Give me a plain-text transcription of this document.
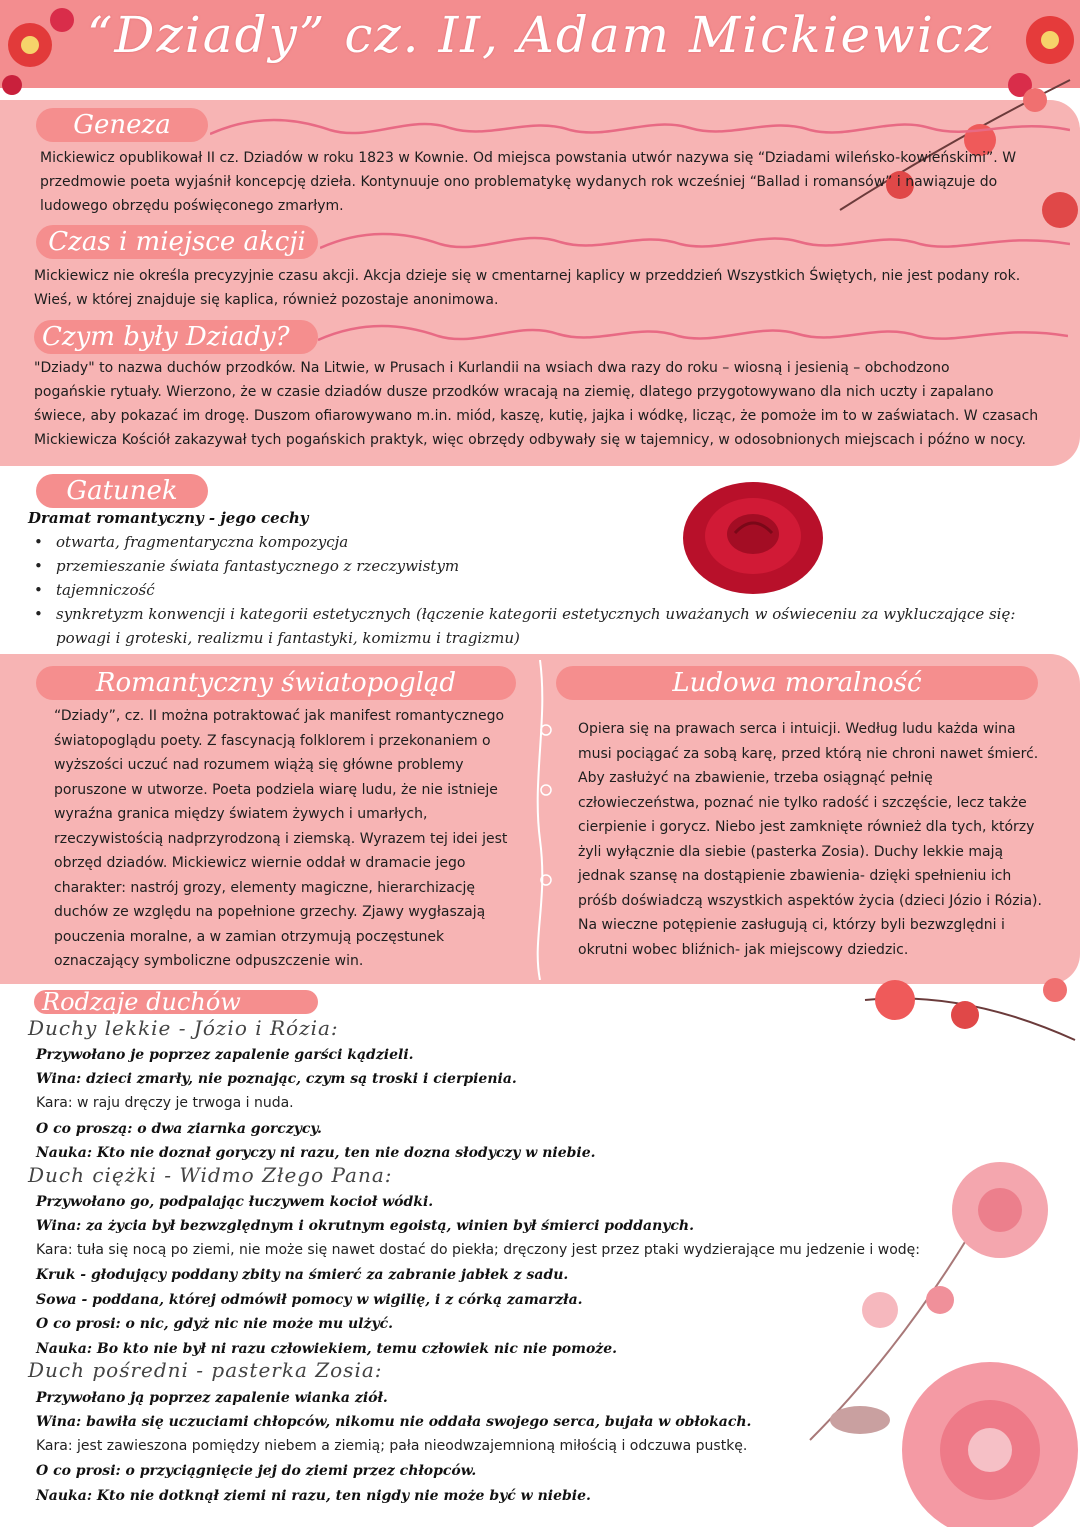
“Dziady” cz. II, Adam Mickiewicz
Geneza
Mickiewicz opublikował II cz. Dziadów w roku 1823 w Kownie. Od miejsca powstania utwór nazywa się “Dziadami wileńsko-kowieńskimi”. W
przedmowie poeta wyjaśnił koncepcję dzieła. Kontynuuje ono problematykę wydanych rok wcześniej “Ballad i romansów” i nawiązuje do
ludowego obrzędu poświęconego zmarłym.
Czas i miejsce akcji
Mickiewicz nie określa precyzyjnie czasu akcji. Akcja dzieje się w cmentarnej kaplicy w przeddzień Wszystkich Świętych, nie jest podany rok.
Wieś, w której znajduje się kaplica, również pozostaje anonimowa.
Czym były Dziady?
"Dziady" to nazwa duchów przodków. Na Litwie, w Prusach i Kurlandii na wsiach dwa razy do roku – wiosną i jesienią – obchodzono
pogańskie rytuały. Wierzono, że w czasie dziadów dusze przodków wracają na ziemię, dlatego przygotowywano dla nich uczty i zapalano
świece, aby pokazać im drogę. Duszom ofiarowywano m.in. miód, kaszę, kutię, jajka i wódkę, licząc, że pomoże im to w zaświatach. W czasach
Mickiewicza Kościół zakazywał tych pogańskich praktyk, więc obrzędy odbywały się w tajemnicy, w odosobnionych miejscach i późno w nocy.
Gatunek
Dramat romantyczny - jego cechy
• otwarta, fragmentaryczna kompozycja
• przemieszanie świata fantastycznego z rzeczywistym
• tajemniczość
• synkretyzm konwencji i kategorii estetycznych (łączenie kategorii estetycznych uważanych w oświeceniu za wykluczające się: powagi i groteski, realizmu i fantastyki, komizmu i tragizmu)
Romantyczny światopogląd	Ludowa moralność
“Dziady”, cz. II można potraktować jak manifest romantycznego
światopoglądu poety. Z fascynacją folklorem i przekonaniem o
wyższości uczuć nad rozumem wiążą się główne problemy
poruszone w utworze. Poeta podziela wiarę ludu, że nie istnieje
wyraźna granica między światem żywych i umarłych,
rzeczywistością nadprzyrodzoną i ziemską. Wyrazem tej idei jest
obrzęd dziadów. Mickiewicz wiernie oddał w dramacie jego
charakter: nastrój grozy, elementy magiczne, hierarchizację
duchów ze względu na popełnione grzechy. Zjawy wygłaszają
pouczenia moralne, a w zamian otrzymują poczęstunek
oznaczający symboliczne odpuszczenie win.
Opiera się na prawach serca i intuicji. Według ludu każda wina
musi pociągać za sobą karę, przed którą nie chroni nawet śmierć.
Aby zasłużyć na zbawienie, trzeba osiągnąć pełnię
człowieczeństwa, poznać nie tylko radość i szczęście, lecz także
cierpienie i gorycz. Niebo jest zamknięte również dla tych, którzy
żyli wyłącznie dla siebie (pasterka Zosia). Duchy lekkie mają
jednak szansę na dostąpienie zbawienia- dzięki spełnieniu ich
próśb doświadczą wszystkich aspektów życia (dzieci Józio i Rózia).
Na wieczne potępienie zasługują ci, którzy byli bezwzględni i
okrutni wobec bliźnich- jak miejscowy dziedzic.
Rodzaje duchów
Duchy lekkie - Józio i Rózia:
Przywołano je poprzez zapalenie garści kądzieli.
Wina: dzieci zmarły, nie poznając, czym są troski i cierpienia.
Kara: w raju dręczy je trwoga i nuda.
O co proszą: o dwa ziarnka gorczycy.
Nauka: Kto nie doznał goryczy ni razu, ten nie dozna słodyczy w niebie.
Duch ciężki - Widmo Złego Pana:
Przywołano go, podpalając łuczywem kocioł wódki.
Wina: za życia był bezwzględnym i okrutnym egoistą, winien był śmierci poddanych.
Kara: tuła się nocą po ziemi, nie może się nawet dostać do piekła; dręczony jest przez ptaki wydzierające mu jedzenie i wodę:
Kruk - głodujący poddany zbity na śmierć za zabranie jabłek z sadu.
Sowa - poddana, której odmówił pomocy w wigilię, i z córką zamarzła.
O co prosi: o nic, gdyż nic nie może mu ulżyć.
Nauka: Bo kto nie był ni razu człowiekiem, temu człowiek nic nie pomoże.
Duch pośredni - pasterka Zosia:
Przywołano ją poprzez zapalenie wianka ziół.
Wina: bawiła się uczuciami chłopców, nikomu nie oddała swojego serca, bujała w obłokach.
Kara: jest zawieszona pomiędzy niebem a ziemią; pała nieodwzajemnioną miłością i odczuwa pustkę.
O co prosi: o przyciągnięcie jej do ziemi przez chłopców.
Nauka: Kto nie dotknął ziemi ni razu, ten nigdy nie może być w niebie.
